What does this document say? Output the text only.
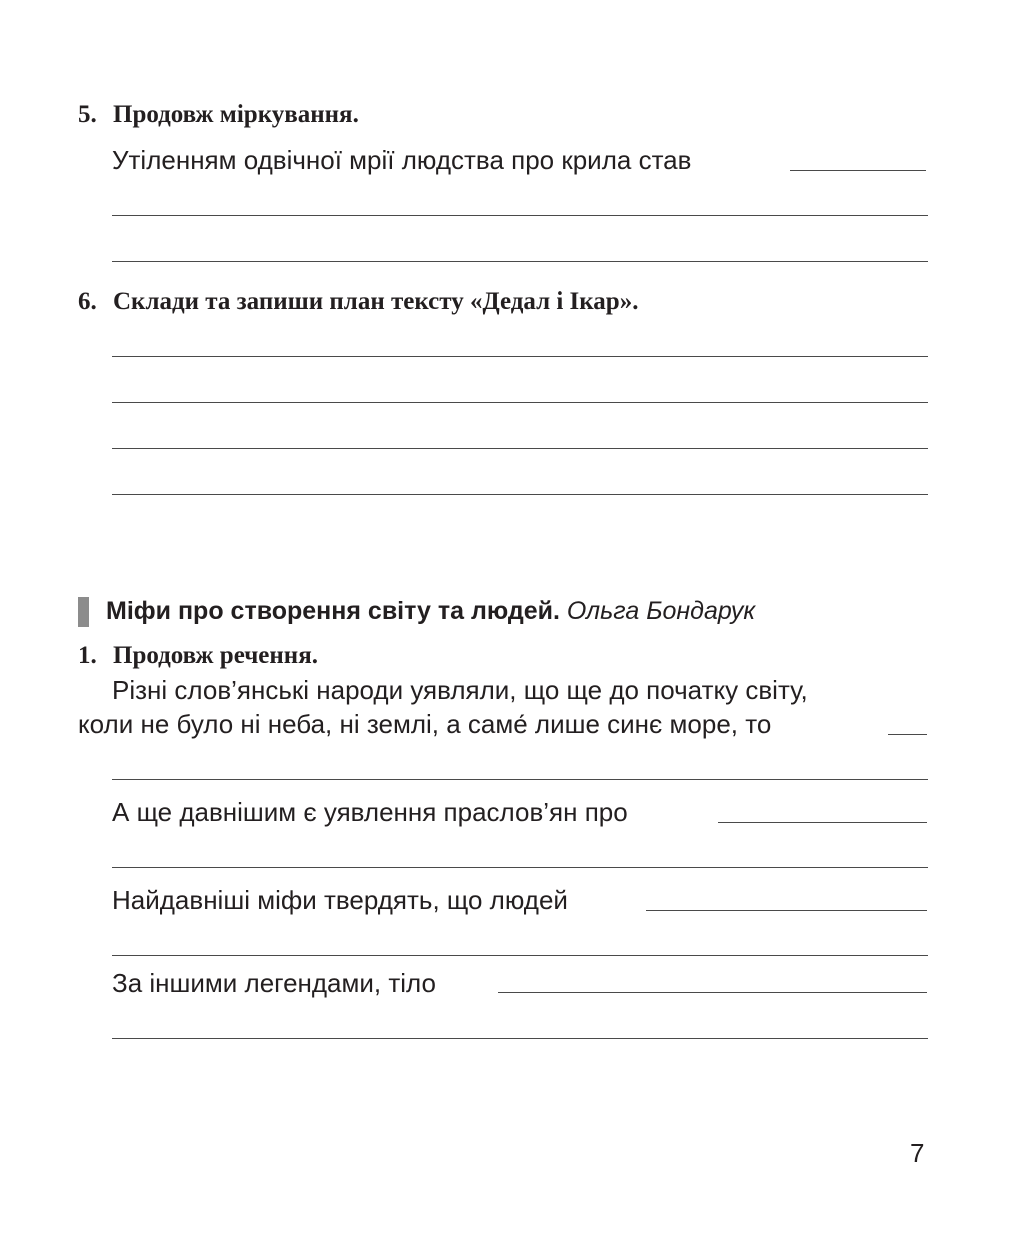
5. Продовж міркування.
Утіленням одвічної мрії людства про крила став
6. Склади та запиши план тексту «Дедал і Ікар».
Міфи про створення світу та людей. Ольга Бондарук
1. Продовж речення.
Різні слов’янські народи уявляли, що ще до початку світу,
коли не було ні неба, ні землі, а саме́ лише синє море, то
А ще давнішим є уявлення праслов’ян про
Найдавніші міфи твердять, що людей
За іншими легендами, тіло
7
